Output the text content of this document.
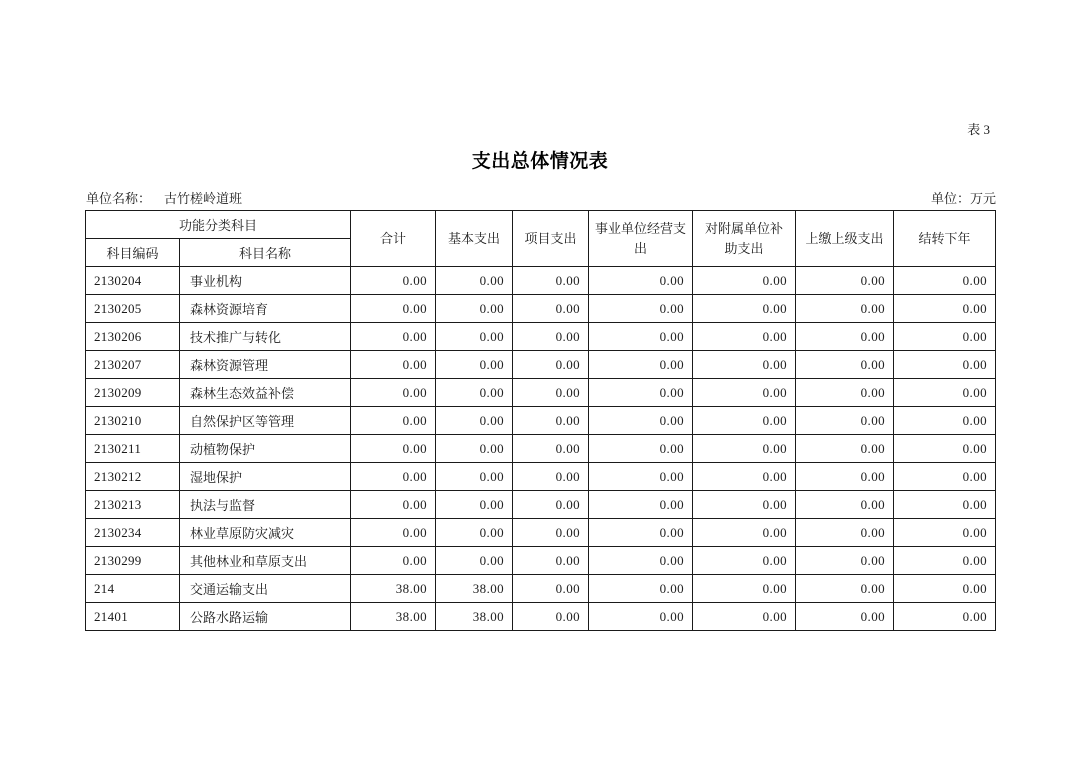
表 3
支出总体情况表
单位名称： 古竹槎岭道班	单位：万元
功能分类科目		合计	基本支出	项目支出	事业单位经营支出	对附属单位补助支出	上缴上级支出	结转下年
科目编码	科目名称							
2130204	事业机构	0.00	0.00	0.00	0.00	0.00	0.00	0.00
2130205	森林资源培育	0.00	0.00	0.00	0.00	0.00	0.00	0.00
2130206	技术推广与转化	0.00	0.00	0.00	0.00	0.00	0.00	0.00
2130207	森林资源管理	0.00	0.00	0.00	0.00	0.00	0.00	0.00
2130209	森林生态效益补偿	0.00	0.00	0.00	0.00	0.00	0.00	0.00
2130210	自然保护区等管理	0.00	0.00	0.00	0.00	0.00	0.00	0.00
2130211	动植物保护	0.00	0.00	0.00	0.00	0.00	0.00	0.00
2130212	湿地保护	0.00	0.00	0.00	0.00	0.00	0.00	0.00
2130213	执法与监督	0.00	0.00	0.00	0.00	0.00	0.00	0.00
2130234	林业草原防灾减灾	0.00	0.00	0.00	0.00	0.00	0.00	0.00
2130299	其他林业和草原支出	0.00	0.00	0.00	0.00	0.00	0.00	0.00
214	交通运输支出	38.00	38.00	0.00	0.00	0.00	0.00	0.00
21401	公路水路运输	38.00	38.00	0.00	0.00	0.00	0.00	0.00
